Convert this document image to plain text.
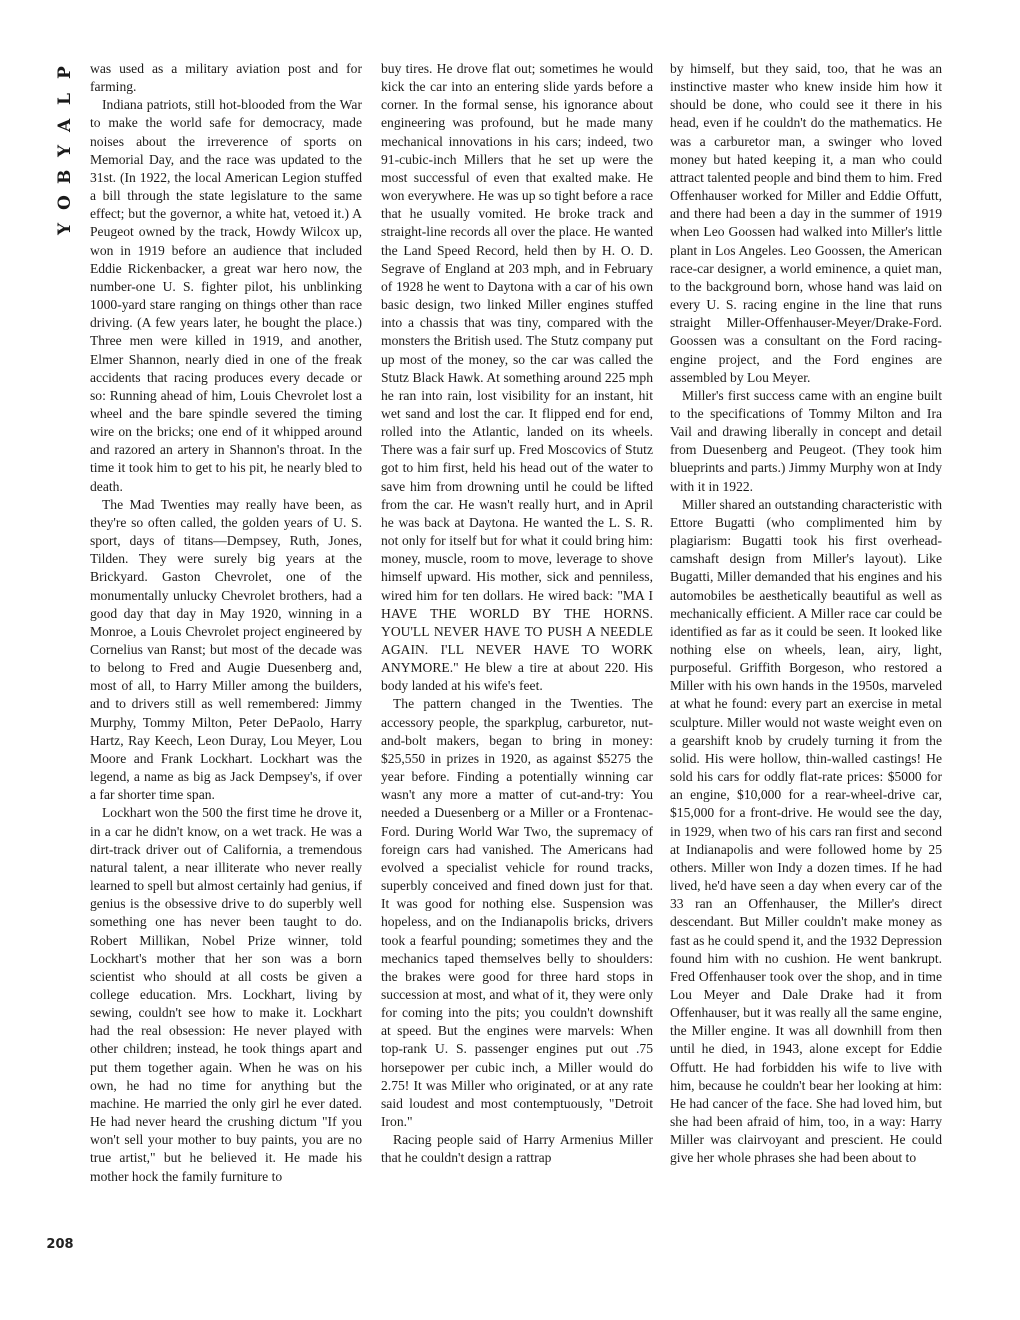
P
L
A
Y
B
O
Y
208

was used as a military aviation post and for farming.

Indiana patriots, still hot-blooded from the War to make the world safe for democracy, made noises about the irreverence of sports on Memorial Day, and the race was updated to the 31st. (In 1922, the local American Legion stuffed a bill through the state legislature to the same effect; but the governor, a white hat, vetoed it.) A Peugeot owned by the track, Howdy Wilcox up, won in 1919 before an audience that included Eddie Rickenbacker, a great war hero now, the number-one U. S. fighter pilot, his unblinking 1000-yard stare ranging on things other than race driving. (A few years later, he bought the place.) Three men were killed in 1919, and another, Elmer Shannon, nearly died in one of the freak accidents that racing produces every decade or so: Running ahead of him, Louis Chevrolet lost a wheel and the bare spindle severed the timing wire on the bricks; one end of it whipped around and razored an artery in Shannon's throat. In the time it took him to get to his pit, he nearly bled to death.

The Mad Twenties may really have been, as they're so often called, the golden years of U. S. sport, days of titans—Dempsey, Ruth, Jones, Tilden. They were surely big years at the Brickyard. Gaston Chevrolet, one of the monumentally unlucky Chevrolet brothers, had a good day that day in May 1920, winning in a Monroe, a Louis Chevrolet project engineered by Cornelius van Ranst; but most of the decade was to belong to Fred and Augie Duesenberg and, most of all, to Harry Miller among the builders, and to drivers still as well remembered: Jimmy Murphy, Tommy Milton, Peter DePaolo, Harry Hartz, Ray Keech, Leon Duray, Lou Meyer, Lou Moore and Frank Lockhart. Lockhart was the legend, a name as big as Jack Dempsey's, if over a far shorter time span.

Lockhart won the 500 the first time he drove it, in a car he didn't know, on a wet track. He was a dirt-track driver out of California, a tremendous natural talent, a near illiterate who never really learned to spell but almost certainly had genius, if genius is the obsessive drive to do superbly well something one has never been taught to do. Robert Millikan, Nobel Prize winner, told Lockhart's mother that her son was a born scientist who should at all costs be given a college education. Mrs. Lockhart, living by sewing, couldn't see how to make it. Lockhart had the real obsession: He never played with other children; instead, he took things apart and put them together again. When he was on his own, he had no time for anything but the machine. He married the only girl he ever dated. He had never heard the crushing dictum "If you won't sell your mother to buy paints, you are no true artist," but he believed it. He made his mother hock the family furniture to

buy tires. He drove flat out; sometimes he would kick the car into an entering slide yards before a corner. In the formal sense, his ignorance about engineering was profound, but he made many mechanical innovations in his cars; indeed, two 91-cubic-inch Millers that he set up were the most successful of even that exalted make. He won everywhere. He was up so tight before a race that he usually vomited. He broke track and straight-line records all over the place. He wanted the Land Speed Record, held then by H. O. D. Segrave of England at 203 mph, and in February of 1928 he went to Daytona with a car of his own basic design, two linked Miller engines stuffed into a chassis that was tiny, compared with the monsters the British used. The Stutz company put up most of the money, so the car was called the Stutz Black Hawk. At something around 225 mph he ran into rain, lost visibility for an instant, hit wet sand and lost the car. It flipped end for end, rolled into the Atlantic, landed on its wheels. There was a fair surf up. Fred Moscovics of Stutz got to him first, held his head out of the water to save him from drowning until he could be lifted from the car. He wasn't really hurt, and in April he was back at Daytona. He wanted the L. S. R. not only for itself but for what it could bring him: money, muscle, room to move, leverage to shove himself upward. His mother, sick and penniless, wired him for ten dollars. He wired back: "MA I HAVE THE WORLD BY THE HORNS. YOU'LL NEVER HAVE TO PUSH A NEEDLE AGAIN. I'LL NEVER HAVE TO WORK ANYMORE." He blew a tire at about 220. His body landed at his wife's feet.

The pattern changed in the Twenties. The accessory people, the sparkplug, carburetor, nut-and-bolt makers, began to bring in money: $25,550 in prizes in 1920, as against $5275 the year before. Finding a potentially winning car wasn't any more a matter of cut-and-try: You needed a Duesenberg or a Miller or a Frontenac-Ford. During World War Two, the supremacy of foreign cars had vanished. The Americans had evolved a specialist vehicle for round tracks, superbly conceived and fined down just for that. It was good for nothing else. Suspension was hopeless, and on the Indianapolis bricks, drivers took a fearful pounding; sometimes they and the mechanics taped themselves belly to shoulders: the brakes were good for three hard stops in succession at most, and what of it, they were only for coming into the pits; you couldn't downshift at speed. But the engines were marvels: When top-rank U. S. passenger engines put out .75 horsepower per cubic inch, a Miller would do 2.75! It was Miller who originated, or at any rate said loudest and most contemptuously, "Detroit Iron."

Racing people said of Harry Armenius Miller that he couldn't design a rattrap

by himself, but they said, too, that he was an instinctive master who knew inside him how it should be done, who could see it there in his head, even if he couldn't do the mathematics. He was a carburetor man, a swinger who loved money but hated keeping it, a man who could attract talented people and bind them to him. Fred Offenhauser worked for Miller and Eddie Offutt, and there had been a day in the summer of 1919 when Leo Goossen had walked into Miller's little plant in Los Angeles. Leo Goossen, the American race-car designer, a world eminence, a quiet man, to the background born, whose hand was laid on every U. S. racing engine in the line that runs straight Miller-Offenhauser-Meyer/Drake-Ford. Goossen was a consultant on the Ford racing-engine project, and the Ford engines are assembled by Lou Meyer.

Miller's first success came with an engine built to the specifications of Tommy Milton and Ira Vail and drawing liberally in concept and detail from Duesenberg and Peugeot. (They took him blueprints and parts.) Jimmy Murphy won at Indy with it in 1922.

Miller shared an outstanding characteristic with Ettore Bugatti (who complimented him by plagiarism: Bugatti took his first overhead-camshaft design from Miller's layout). Like Bugatti, Miller demanded that his engines and his automobiles be aesthetically beautiful as well as mechanically efficient. A Miller race car could be identified as far as it could be seen. It looked like nothing else on wheels, lean, airy, light, purposeful. Griffith Borgeson, who restored a Miller with his own hands in the 1950s, marveled at what he found: every part an exercise in metal sculpture. Miller would not waste weight even on a gearshift knob by crudely turning it from the solid. His were hollow, thin-walled castings! He sold his cars for oddly flat-rate prices: $5000 for an engine, $10,000 for a rear-wheel-drive car, $15,000 for a front-drive. He would see the day, in 1929, when two of his cars ran first and second at Indianapolis and were followed home by 25 others. Miller won Indy a dozen times. If he had lived, he'd have seen a day when every car of the 33 ran an Offenhauser, the Miller's direct descendant. But Miller couldn't make money as fast as he could spend it, and the 1932 Depression found him with no cushion. He went bankrupt. Fred Offenhauser took over the shop, and in time Lou Meyer and Dale Drake had it from Offenhauser, but it was really all the same engine, the Miller engine. It was all downhill from then until he died, in 1943, alone except for Eddie Offutt. He had forbidden his wife to live with him, because he couldn't bear her looking at him: He had cancer of the face. She had loved him, but she had been afraid of him, too, in a way: Harry Miller was clairvoyant and prescient. He could give her whole phrases she had been about to
